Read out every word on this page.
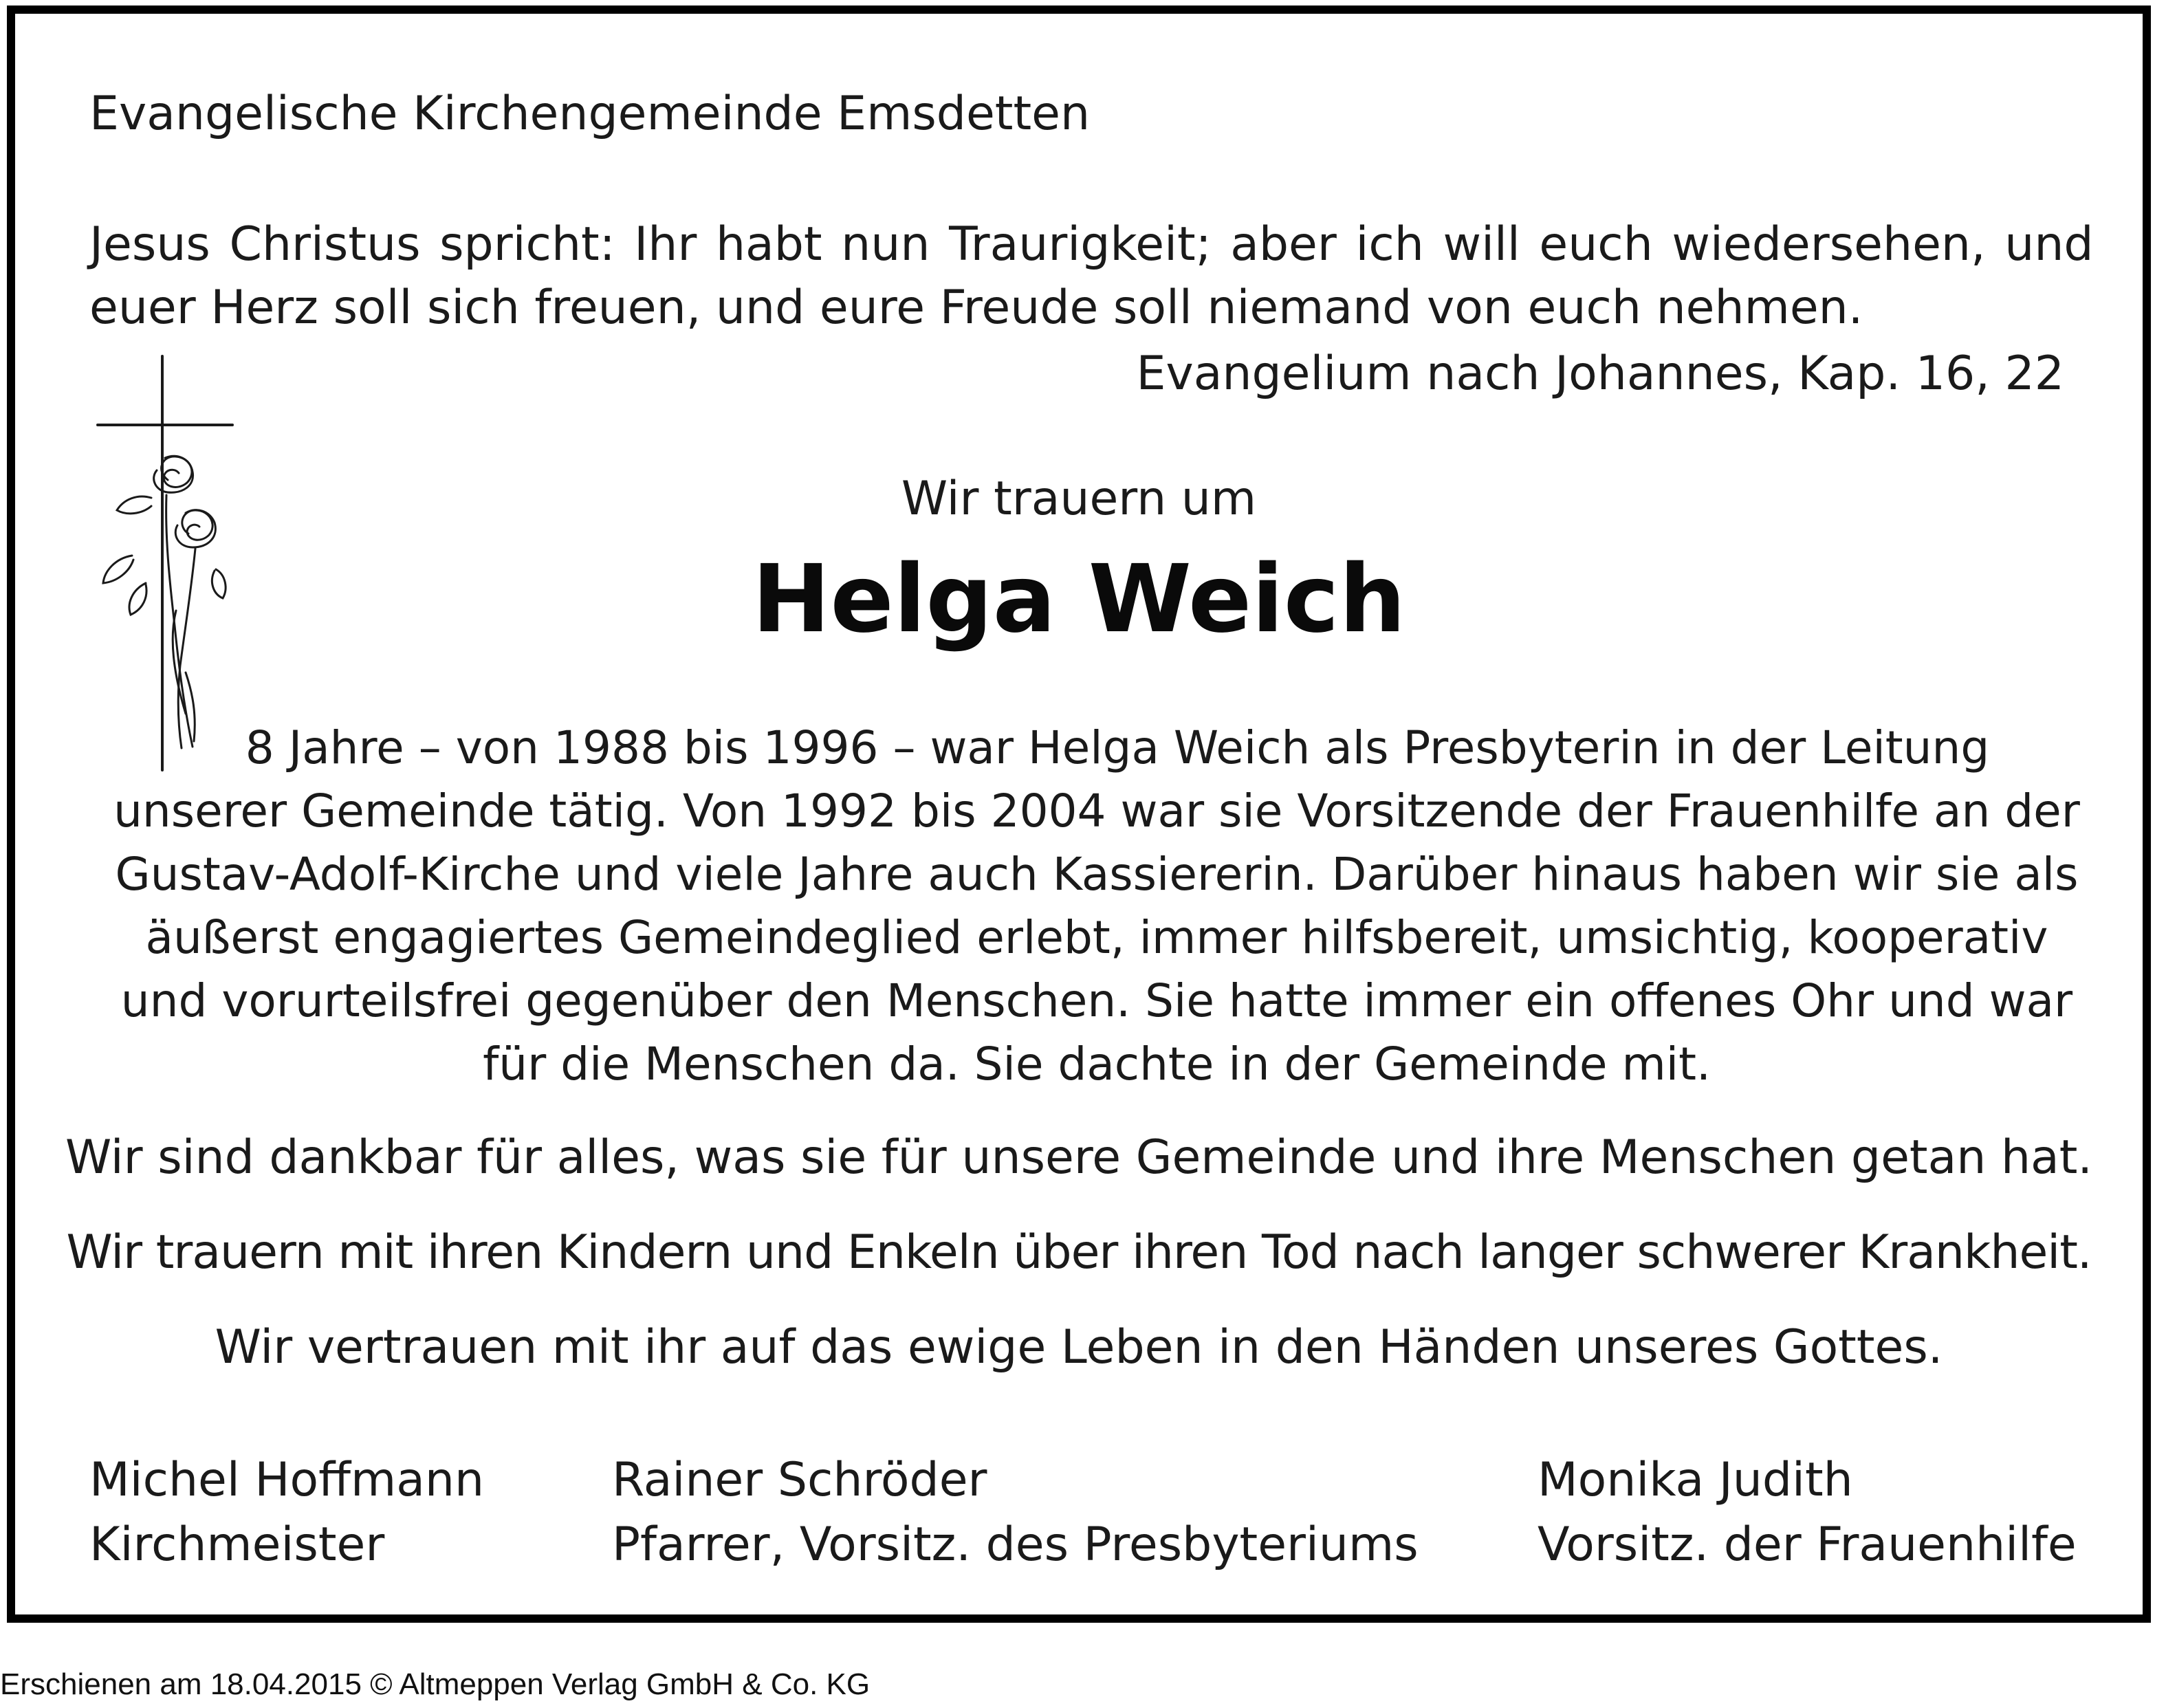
Evangelische Kirchengemeinde Emsdetten
Jesus Christus spricht: Ihr habt nun Traurigkeit; aber ich will euch wiedersehen, und
euer Herz soll sich freuen, und eure Freude soll niemand von euch nehmen.
Evangelium nach Johannes, Kap. 16, 22
Wir trauern um
Helga Weich
8 Jahre – von 1988 bis 1996 – war Helga Weich als Presbyterin in der Leitung
unserer Gemeinde tätig. Von 1992 bis 2004 war sie Vorsitzende der Frauenhilfe an der
Gustav-Adolf-Kirche und viele Jahre auch Kassiererin. Darüber hinaus haben wir sie als
äußerst engagiertes Gemeindeglied erlebt, immer hilfsbereit, umsichtig, kooperativ
und vorurteilsfrei gegenüber den Menschen. Sie hatte immer ein offenes Ohr und war
für die Menschen da. Sie dachte in der Gemeinde mit.
Wir sind dankbar für alles, was sie für unsere Gemeinde und ihre Menschen getan hat.
Wir trauern mit ihren Kindern und Enkeln über ihren Tod nach langer schwerer Krankheit.
Wir vertrauen mit ihr auf das ewige Leben in den Händen unseres Gottes.
Michel Hoffmann
Kirchmeister
Rainer Schröder
Pfarrer, Vorsitz. des Presbyteriums
Monika Judith
Vorsitz. der Frauenhilfe
Erschienen am 18.04.2015 © Altmeppen Verlag GmbH & Co. KG
